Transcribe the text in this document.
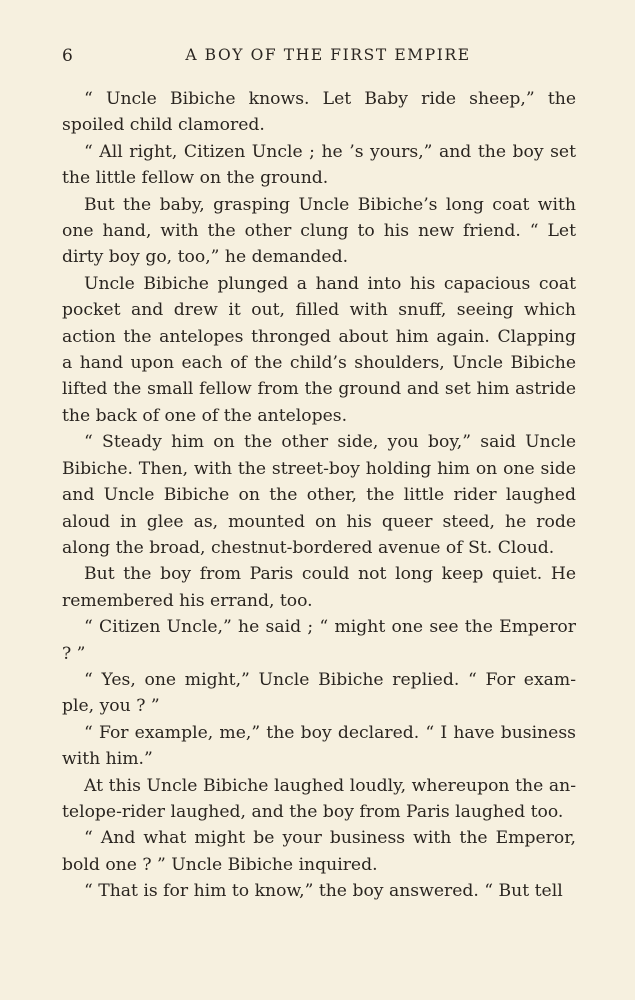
6	A BOY OF THE FIRST EMPIRE

“ Uncle Bibiche knows. Let Baby ride sheep,” the spoiled child clamored.

“ All right, Citizen Uncle ; he ’s yours,” and the boy set the little fellow on the ground.

But the baby, grasping Uncle Bibiche’s long coat with one hand, with the other clung to his new friend. “ Let dirty boy go, too,” he demanded.

Uncle Bibiche plunged a hand into his capacious coat pocket and drew it out, filled with snuff, seeing which action the antelopes thronged about him again. Clapping a hand upon each of the child’s shoulders, Uncle Bibiche lifted the small fellow from the ground and set him astride the back of one of the antelopes.

“ Steady him on the other side, you boy,” said Uncle Bibiche. Then, with the street-boy holding him on one side and Uncle Bibiche on the other, the little rider laughed aloud in glee as, mounted on his queer steed, he rode along the broad, chestnut-bordered avenue of St. Cloud.

But the boy from Paris could not long keep quiet. He remembered his errand, too.

“ Citizen Uncle,” he said ; “ might one see the Emperor ? ”

“ Yes, one might,” Uncle Bibiche replied. “ For exam-ple, you ? ”

“ For example, me,” the boy declared. “ I have business with him.”

At this Uncle Bibiche laughed loudly, whereupon the an-telope-rider laughed, and the boy from Paris laughed too.

“ And what might be your business with the Emperor, bold one ? ” Uncle Bibiche inquired.

“ That is for him to know,” the boy answered. “ But tell
